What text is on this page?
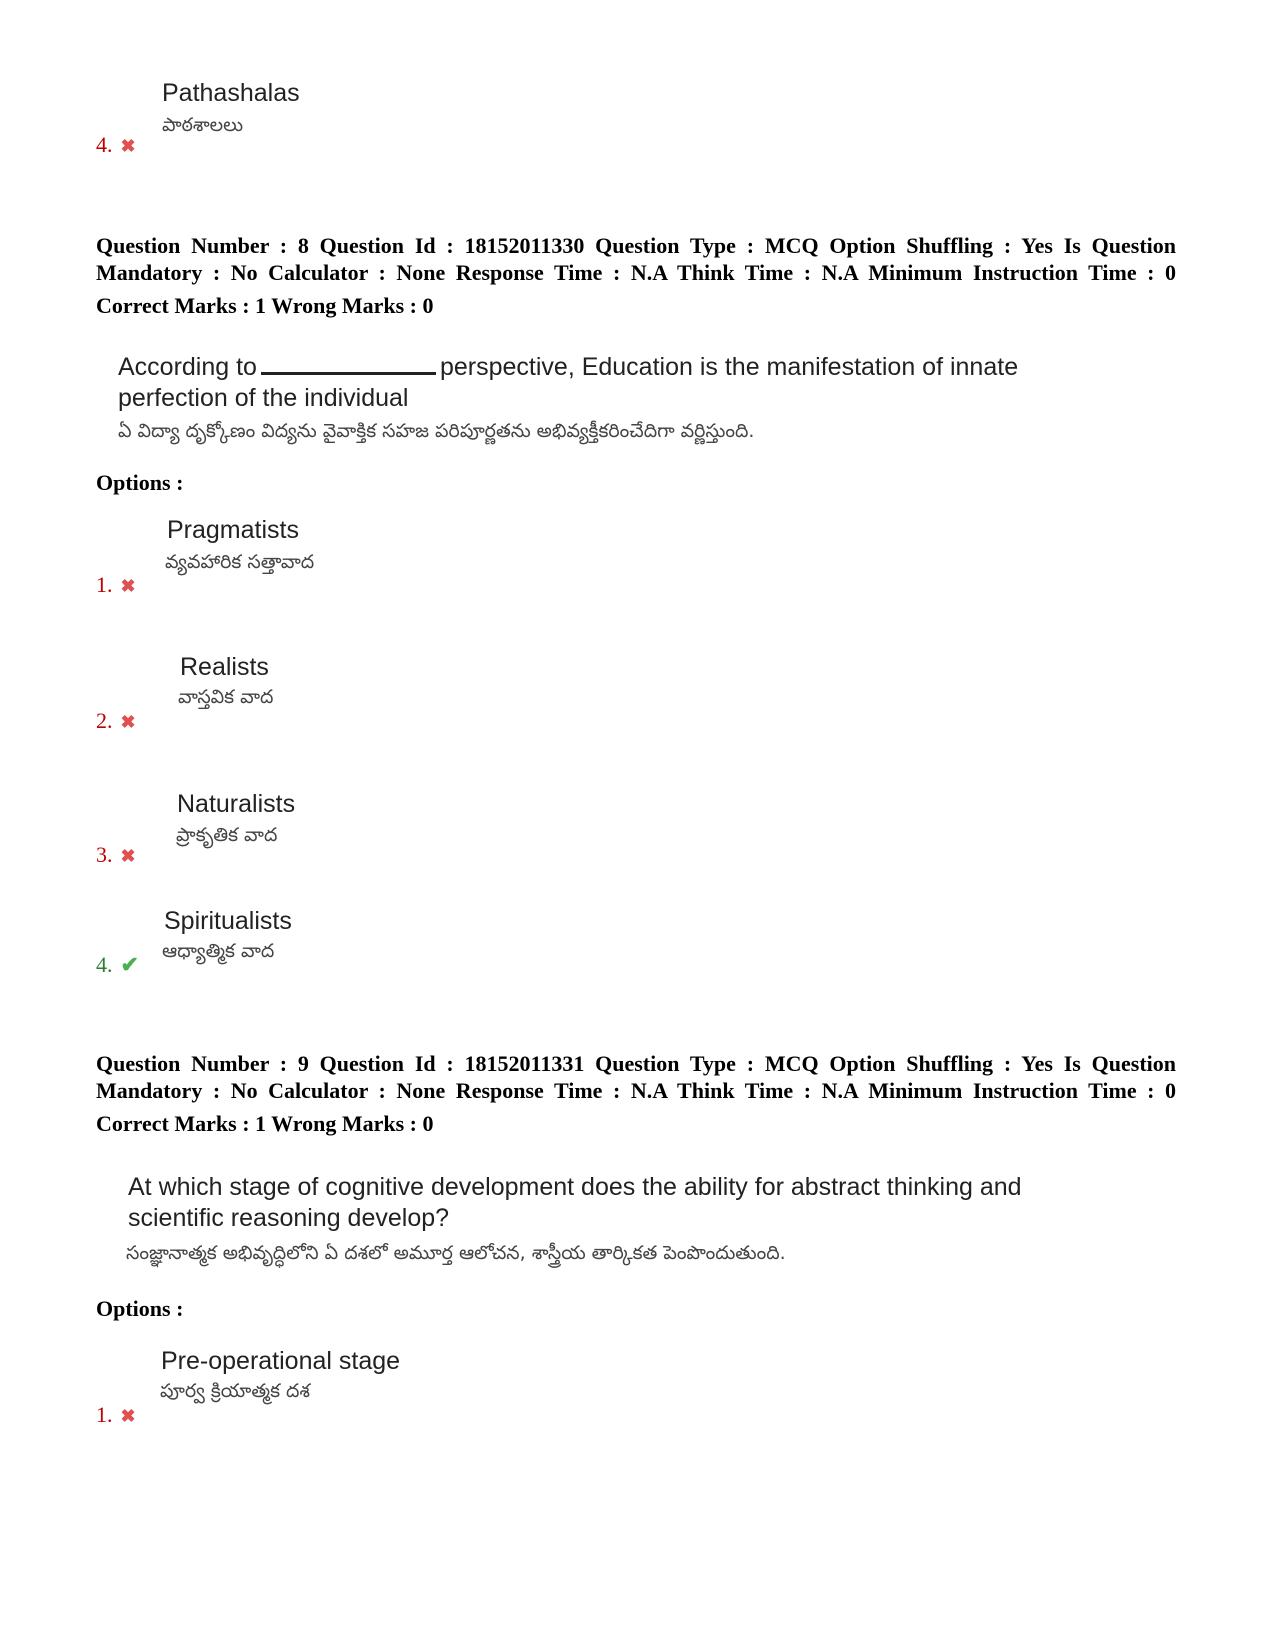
Pathashalas
పాఠశాలలు
4. ✖
Question Number : 8 Question Id : 18152011330 Question Type : MCQ Option Shuffling : Yes Is Question
Mandatory : No Calculator : None Response Time : N.A Think Time : N.A Minimum Instruction Time : 0
Correct Marks : 1 Wrong Marks : 0
According to	perspective, Education is the manifestation of innate
perfection of the individual
ఏ విద్యా దృక్కోణం విద్యను వైవాక్తిక సహజ పరిపూర్ణతను అభివ్యక్తీకరించేదిగా వర్ణిస్తుంది.
Options :
Pragmatists
వ్యవహారిక సత్తావాద
1. ✖
Realists
వాస్తవిక వాద
2. ✖
Naturalists
ప్రాకృతిక వాద
3. ✖
Spiritualists
ఆధ్యాత్మిక వాద
4. ✔
Question Number : 9 Question Id : 18152011331 Question Type : MCQ Option Shuffling : Yes Is Question
Mandatory : No Calculator : None Response Time : N.A Think Time : N.A Minimum Instruction Time : 0
Correct Marks : 1 Wrong Marks : 0
At which stage of cognitive development does the ability for abstract thinking and
scientific reasoning develop?
సంజ్ఞానాత్మక అభివృద్ధిలోని ఏ దశలో అమూర్త ఆలోచన, శాస్త్రీయ తార్కికత పెంపొందుతుంది.
Options :
Pre-operational stage
పూర్వ క్రియాత్మక దశ
1. ✖
